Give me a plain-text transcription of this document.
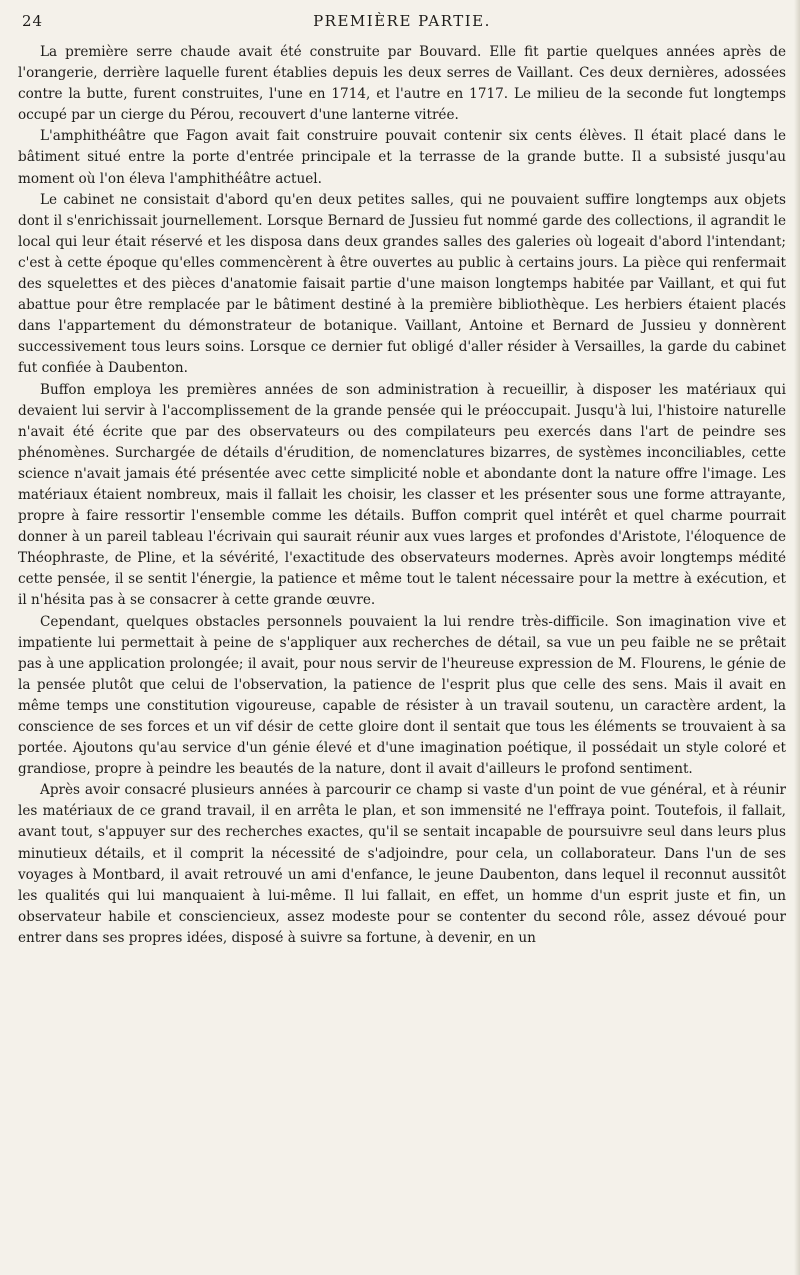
24	PREMIÈRE PARTIE.

La première serre chaude avait été construite par Bouvard. Elle fit partie quelques années après de l'orangerie, derrière laquelle furent établies depuis les deux serres de Vaillant. Ces deux dernières, adossées contre la butte, furent construites, l'une en 1714, et l'autre en 1717. Le milieu de la seconde fut longtemps occupé par un cierge du Pérou, recouvert d'une lanterne vitrée.

L'amphithéâtre que Fagon avait fait construire pouvait contenir six cents élèves. Il était placé dans le bâtiment situé entre la porte d'entrée principale et la terrasse de la grande butte. Il a subsisté jusqu'au moment où l'on éleva l'amphithéâtre actuel.

Le cabinet ne consistait d'abord qu'en deux petites salles, qui ne pouvaient suffire longtemps aux objets dont il s'enrichissait journellement. Lorsque Bernard de Jussieu fut nommé garde des collections, il agrandit le local qui leur était réservé et les disposa dans deux grandes salles des galeries où logeait d'abord l'intendant; c'est à cette époque qu'elles commencèrent à être ouvertes au public à certains jours. La pièce qui renfermait des squelettes et des pièces d'anatomie faisait partie d'une maison longtemps habitée par Vaillant, et qui fut abattue pour être remplacée par le bâtiment destiné à la première bibliothèque. Les herbiers étaient placés dans l'appartement du démonstrateur de botanique. Vaillant, Antoine et Bernard de Jussieu y donnèrent successivement tous leurs soins. Lorsque ce dernier fut obligé d'aller résider à Versailles, la garde du cabinet fut confiée à Daubenton.

Buffon employa les premières années de son administration à recueillir, à disposer les matériaux qui devaient lui servir à l'accomplissement de la grande pensée qui le préoccupait. Jusqu'à lui, l'histoire naturelle n'avait été écrite que par des observateurs ou des compilateurs peu exercés dans l'art de peindre ses phénomènes. Surchargée de détails d'érudition, de nomenclatures bizarres, de systèmes inconciliables, cette science n'avait jamais été présentée avec cette simplicité noble et abondante dont la nature offre l'image. Les matériaux étaient nombreux, mais il fallait les choisir, les classer et les présenter sous une forme attrayante, propre à faire ressortir l'ensemble comme les détails. Buffon comprit quel intérêt et quel charme pourrait donner à un pareil tableau l'écrivain qui saurait réunir aux vues larges et profondes d'Aristote, l'éloquence de Théophraste, de Pline, et la sévérité, l'exactitude des observateurs modernes. Après avoir longtemps médité cette pensée, il se sentit l'énergie, la patience et même tout le talent nécessaire pour la mettre à exécution, et il n'hésita pas à se consacrer à cette grande œuvre.

Cependant, quelques obstacles personnels pouvaient la lui rendre très-difficile. Son imagination vive et impatiente lui permettait à peine de s'appliquer aux recherches de détail, sa vue un peu faible ne se prêtait pas à une application prolongée; il avait, pour nous servir de l'heureuse expression de M. Flourens, le génie de la pensée plutôt que celui de l'observation, la patience de l'esprit plus que celle des sens. Mais il avait en même temps une constitution vigoureuse, capable de résister à un travail soutenu, un caractère ardent, la conscience de ses forces et un vif désir de cette gloire dont il sentait que tous les éléments se trouvaient à sa portée. Ajoutons qu'au service d'un génie élevé et d'une imagination poétique, il possédait un style coloré et grandiose, propre à peindre les beautés de la nature, dont il avait d'ailleurs le profond sentiment.

Après avoir consacré plusieurs années à parcourir ce champ si vaste d'un point de vue général, et à réunir les matériaux de ce grand travail, il en arrêta le plan, et son immensité ne l'effraya point. Toutefois, il fallait, avant tout, s'appuyer sur des recherches exactes, qu'il se sentait incapable de poursuivre seul dans leurs plus minutieux détails, et il comprit la nécessité de s'adjoindre, pour cela, un collaborateur. Dans l'un de ses voyages à Montbard, il avait retrouvé un ami d'enfance, le jeune Daubenton, dans lequel il reconnut aussitôt les qualités qui lui manquaient à lui-même. Il lui fallait, en effet, un homme d'un esprit juste et fin, un observateur habile et consciencieux, assez modeste pour se contenter du second rôle, assez dévoué pour entrer dans ses propres idées, disposé à suivre sa fortune, à devenir, en un
